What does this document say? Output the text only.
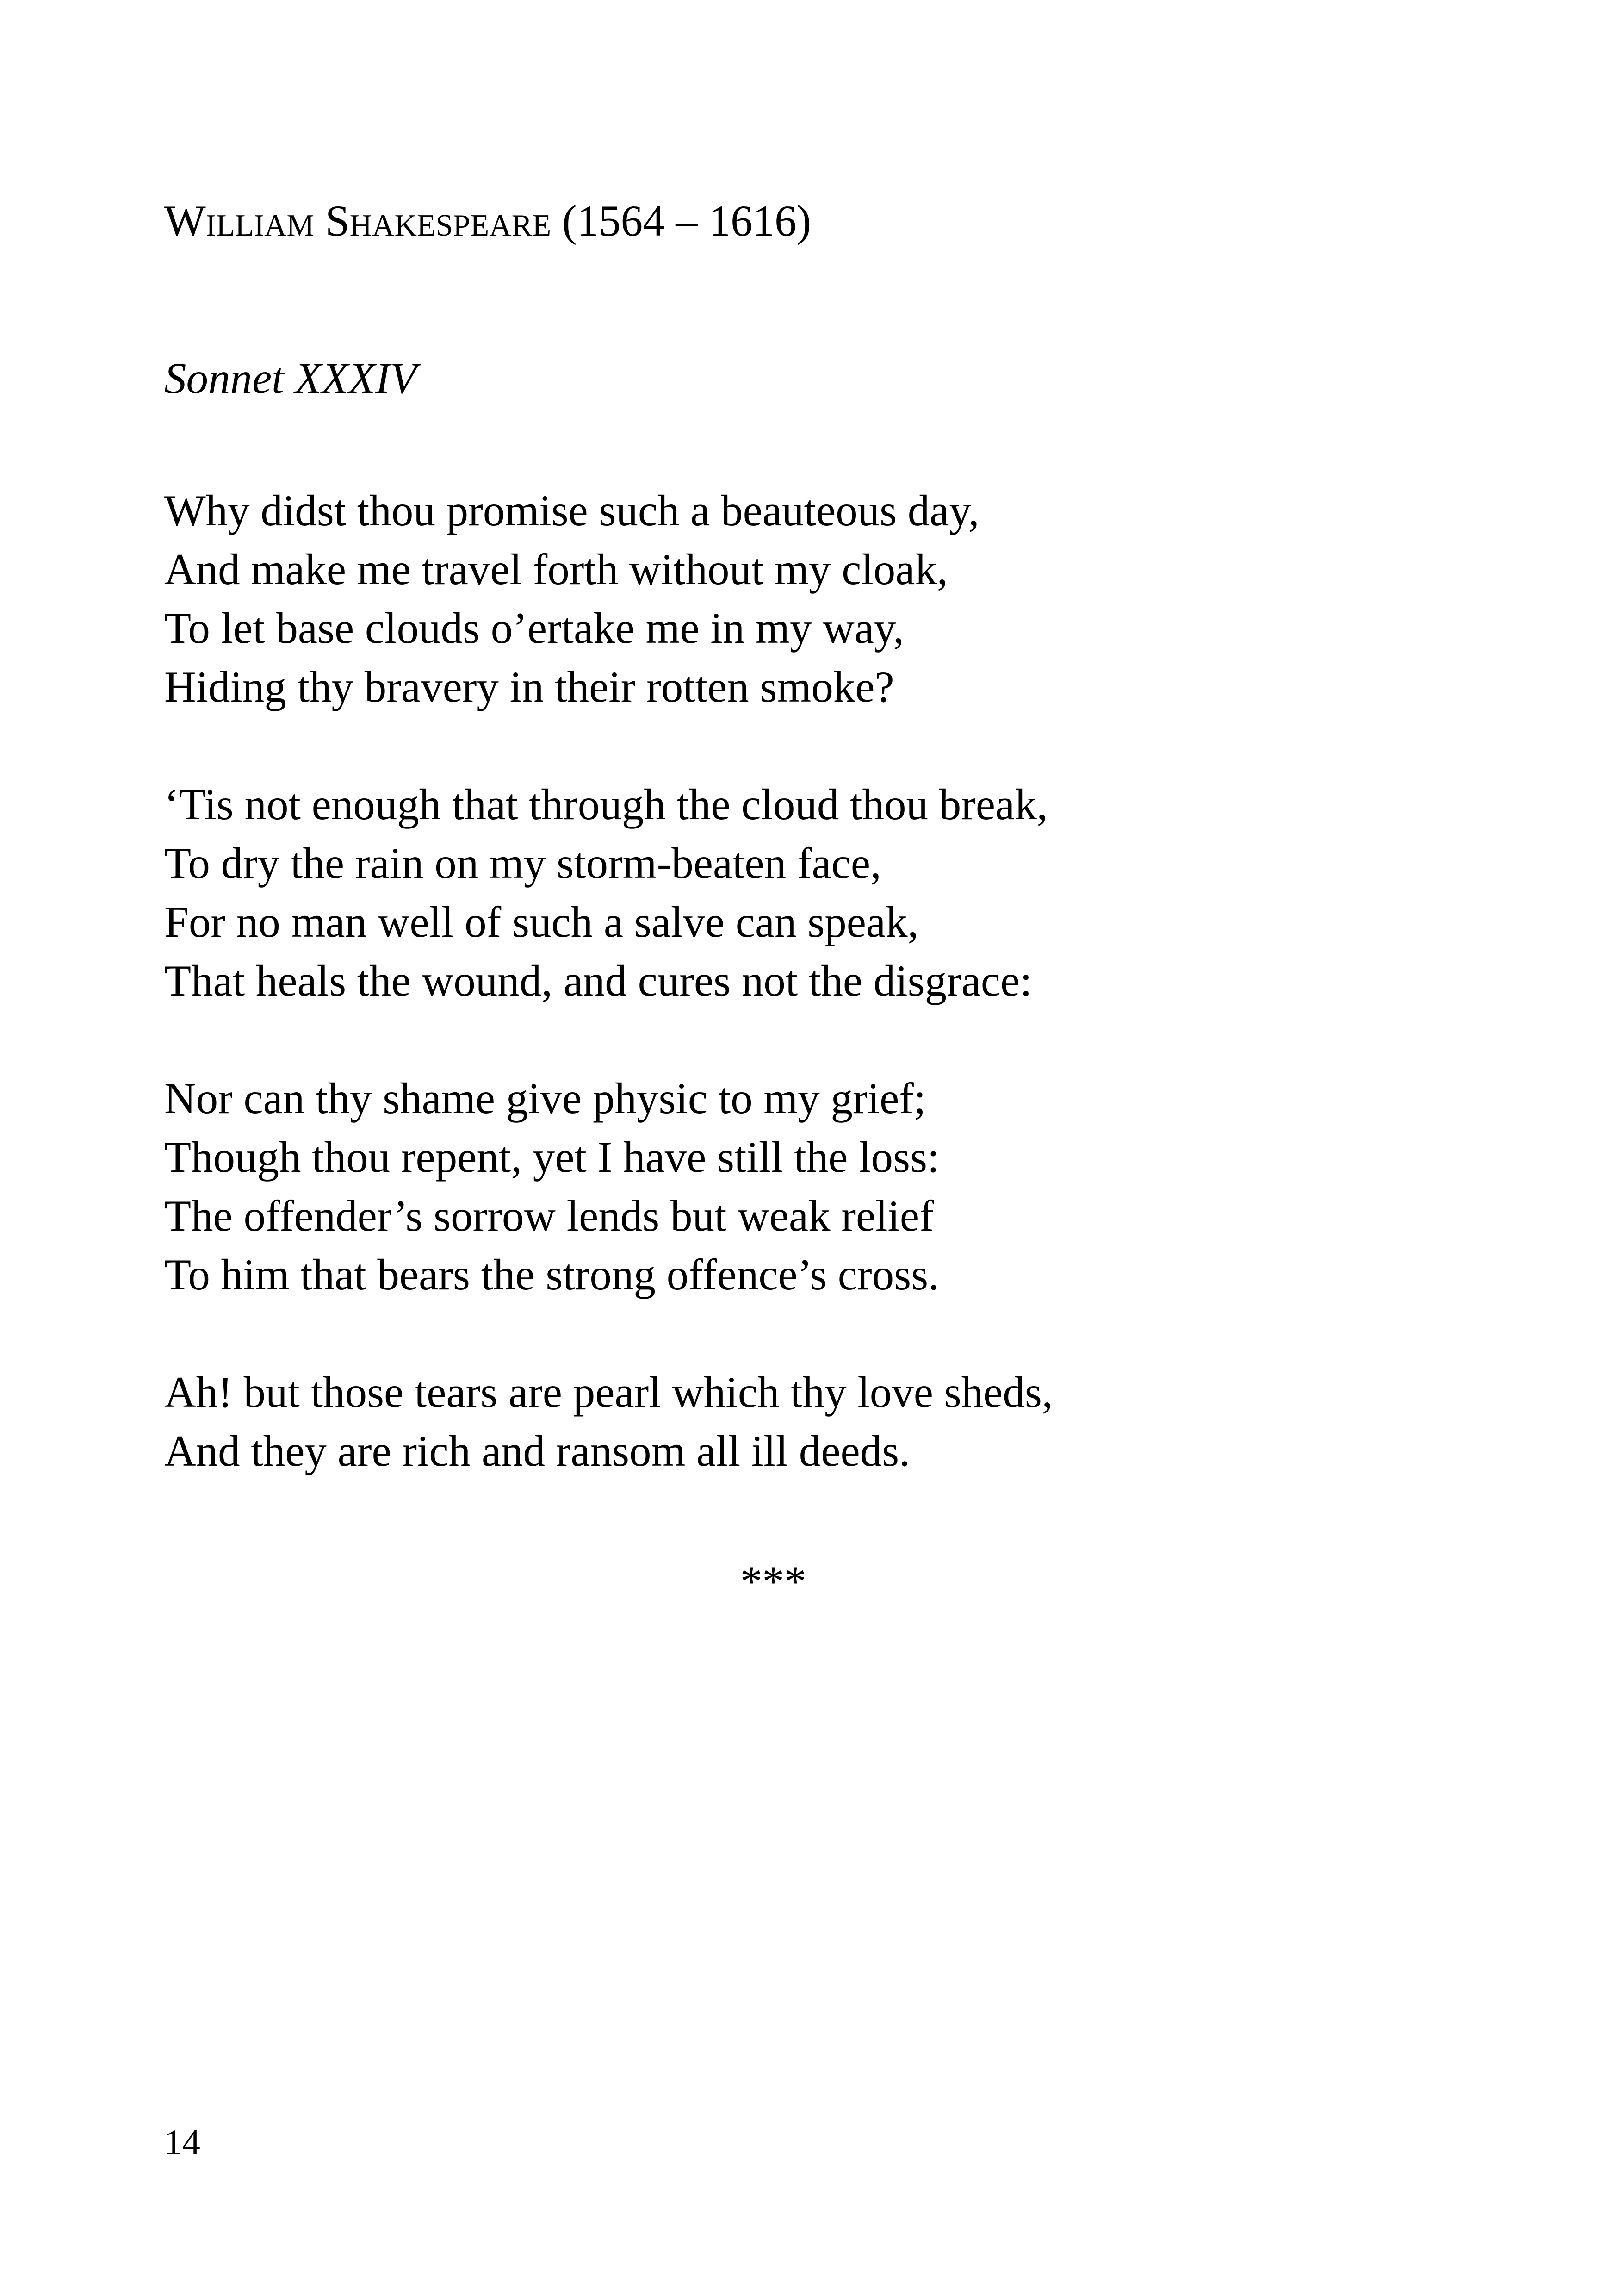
William Shakespeare (1564 – 1616)
Sonnet XXXIV
Why didst thou promise such a beauteous day,
And make me travel forth without my cloak,
To let base clouds o’ertake me in my way,
Hiding thy bravery in their rotten smoke?
‘Tis not enough that through the cloud thou break,
To dry the rain on my storm-beaten face,
For no man well of such a salve can speak,
That heals the wound, and cures not the disgrace:
Nor can thy shame give physic to my grief;
Though thou repent, yet I have still the loss:
The offender’s sorrow lends but weak relief
To him that bears the strong offence’s cross.
Ah! but those tears are pearl which thy love sheds,
And they are rich and ransom all ill deeds.
***
14
